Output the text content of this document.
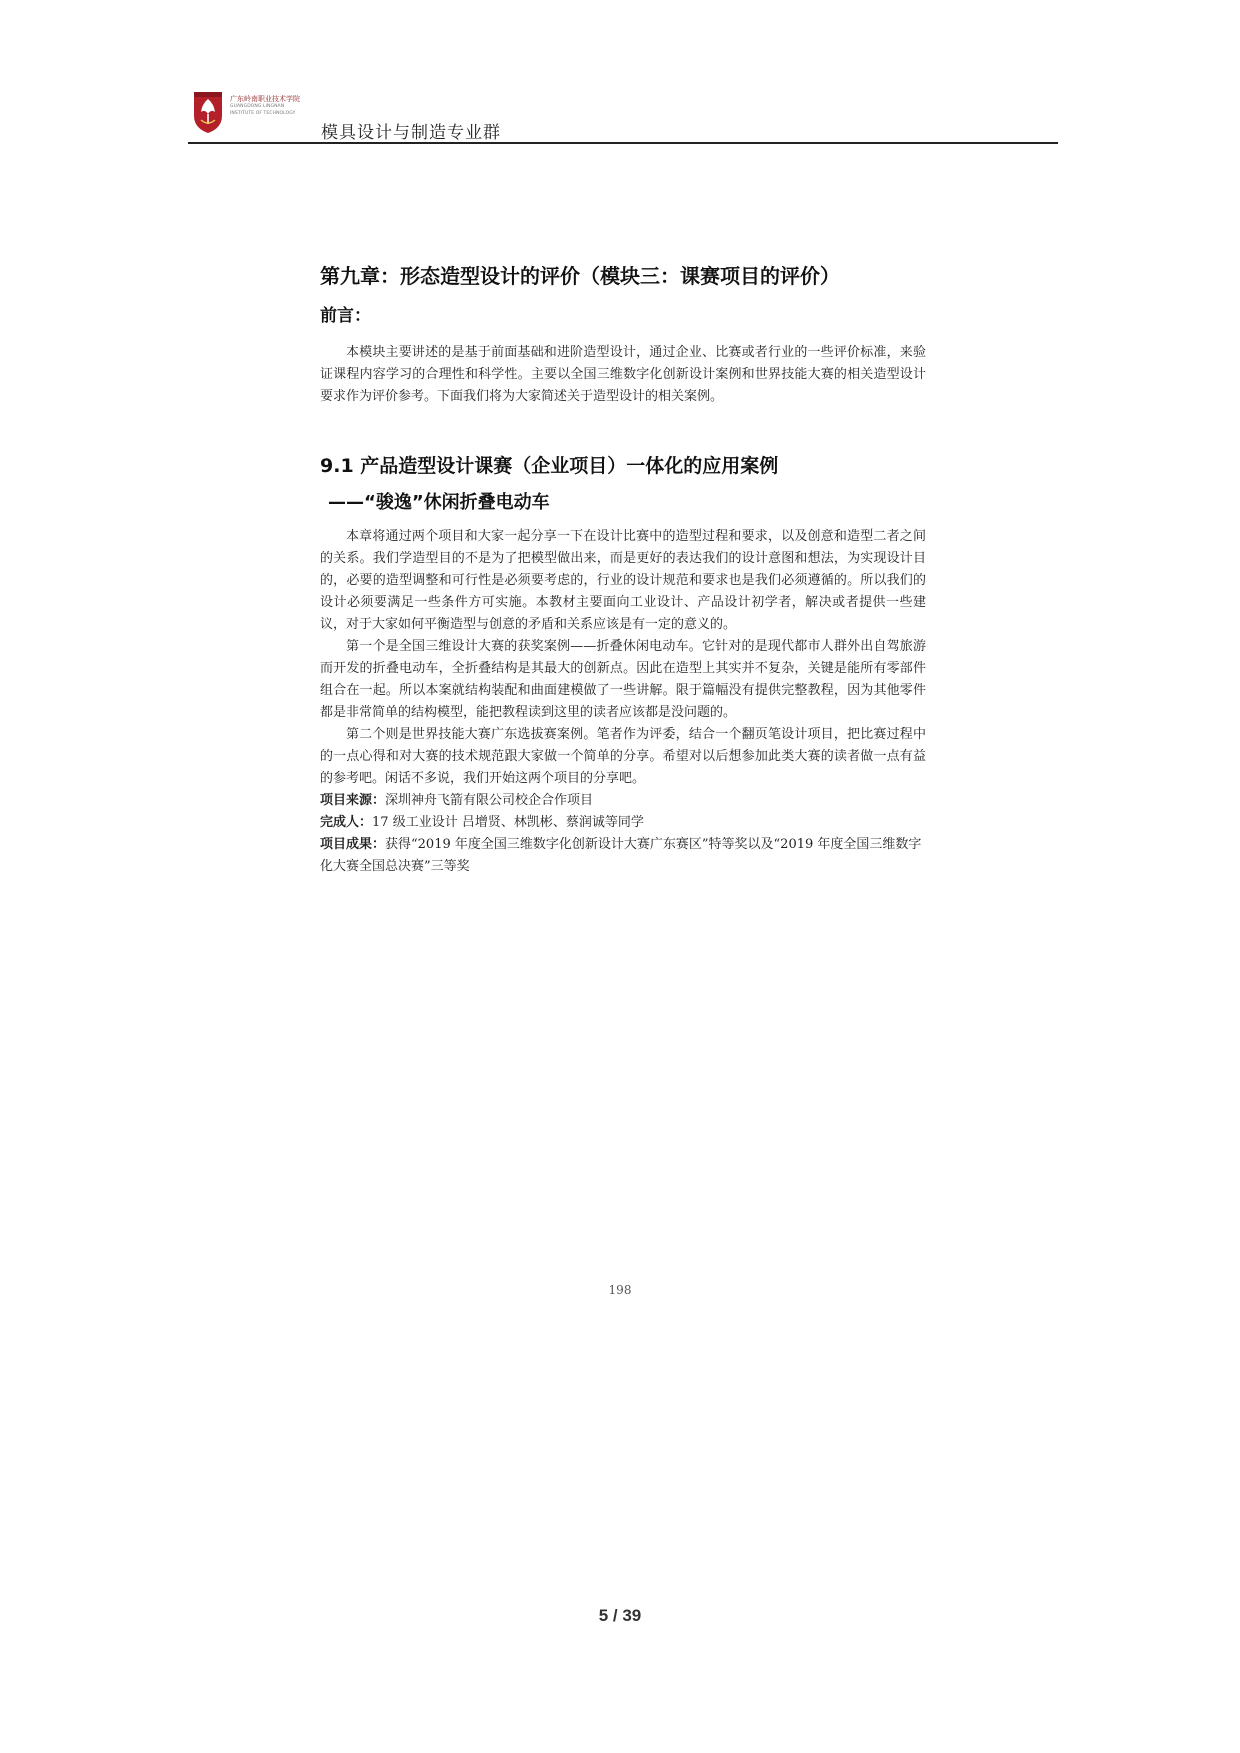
广东岭南职业技术学院
GUANGDONG LINGNAN
INSTITUTE OF TECHNOLOGY
模具设计与制造专业群
第九章：形态造型设计的评价（模块三：课赛项目的评价）
前言：

本模块主要讲述的是基于前面基础和进阶造型设计，通过企业、比赛或者行业的一些评价标准，来验证课程内容学习的合理性和科学性。主要以全国三维数字化创新设计案例和世界技能大赛的相关造型设计要求作为评价参考。下面我们将为大家简述关于造型设计的相关案例。

9.1 产品造型设计课赛（企业项目）一体化的应用案例
——“骏逸”休闲折叠电动车

本章将通过两个项目和大家一起分享一下在设计比赛中的造型过程和要求，以及创意和造型二者之间的关系。我们学造型目的不是为了把模型做出来，而是更好的表达我们的设计意图和想法，为实现设计目的，必要的造型调整和可行性是必须要考虑的，行业的设计规范和要求也是我们必须遵循的。所以我们的设计必须要满足一些条件方可实施。本教材主要面向工业设计、产品设计初学者，解决或者提供一些建议，对于大家如何平衡造型与创意的矛盾和关系应该是有一定的意义的。

第一个是全国三维设计大赛的获奖案例——折叠休闲电动车。它针对的是现代都市人群外出自驾旅游而开发的折叠电动车，全折叠结构是其最大的创新点。因此在造型上其实并不复杂，关键是能所有零部件组合在一起。所以本案就结构装配和曲面建模做了一些讲解。限于篇幅没有提供完整教程，因为其他零件都是非常简单的结构模型，能把教程读到这里的读者应该都是没问题的。

第二个则是世界技能大赛广东选拔赛案例。笔者作为评委，结合一个翻页笔设计项目，把比赛过程中的一点心得和对大赛的技术规范跟大家做一个简单的分享。希望对以后想参加此类大赛的读者做一点有益的参考吧。闲话不多说，我们开始这两个项目的分享吧。

项目来源：深圳神舟飞箭有限公司校企合作项目
完成人：17 级工业设计 吕增贤、林凯彬、蔡润诚等同学
项目成果：获得“2019 年度全国三维数字化创新设计大赛广东赛区”特等奖以及“2019 年度全国三维数字化大赛全国总决赛”三等奖
198
5 / 39
